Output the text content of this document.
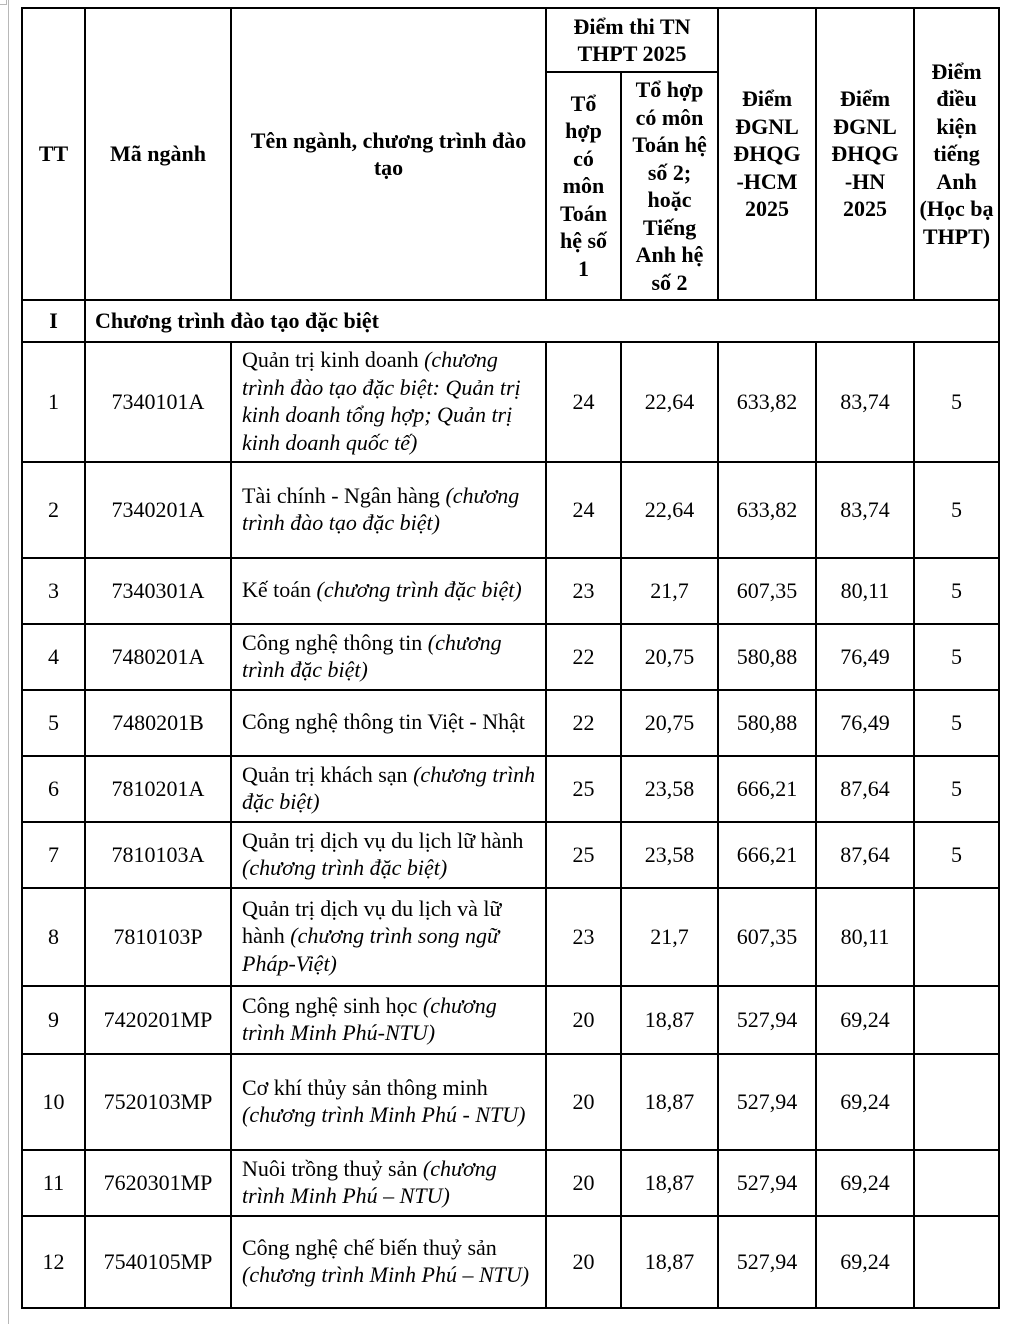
TT	Mã ngành	Tên ngành, chương trình đào tạo	Điểm thi TN THPT 2025		Điểm ĐGNL ĐHQG -HCM 2025	Điểm ĐGNL ĐHQG -HN 2025	Điểm điều kiện tiếng Anh (Học bạ THPT)
			Tổ hợp có môn Toán hệ số 1	Tổ hợp có môn Toán hệ số 2; hoặc Tiếng Anh hệ số 2			
I	Chương trình đào tạo đặc biệt						
1	7340101A	Quản trị kinh doanh (chương trình đào tạo đặc biệt: Quản trị kinh doanh tổng hợp; Quản trị kinh doanh quốc tế)	24	22,64	633,82	83,74	5
2	7340201A	Tài chính - Ngân hàng (chương trình đào tạo đặc biệt)	24	22,64	633,82	83,74	5
3	7340301A	Kế toán (chương trình đặc biệt)	23	21,7	607,35	80,11	5
4	7480201A	Công nghệ thông tin (chương trình đặc biệt)	22	20,75	580,88	76,49	5
5	7480201B	Công nghệ thông tin Việt - Nhật	22	20,75	580,88	76,49	5
6	7810201A	Quản trị khách sạn (chương trình đặc biệt)	25	23,58	666,21	87,64	5
7	7810103A	Quản trị dịch vụ du lịch lữ hành (chương trình đặc biệt)	25	23,58	666,21	87,64	5
8	7810103P	Quản trị dịch vụ du lịch và lữ hành (chương trình song ngữ Pháp-Việt)	23	21,7	607,35	80,11	
9	7420201MP	Công nghệ sinh học (chương trình Minh Phú-NTU)	20	18,87	527,94	69,24	
10	7520103MP	Cơ khí thủy sản thông minh (chương trình Minh Phú - NTU)	20	18,87	527,94	69,24	
11	7620301MP	Nuôi trồng thuỷ sản (chương trình Minh Phú – NTU)	20	18,87	527,94	69,24	
12	7540105MP	Công nghệ chế biến thuỷ sản (chương trình Minh Phú – NTU)	20	18,87	527,94	69,24	
